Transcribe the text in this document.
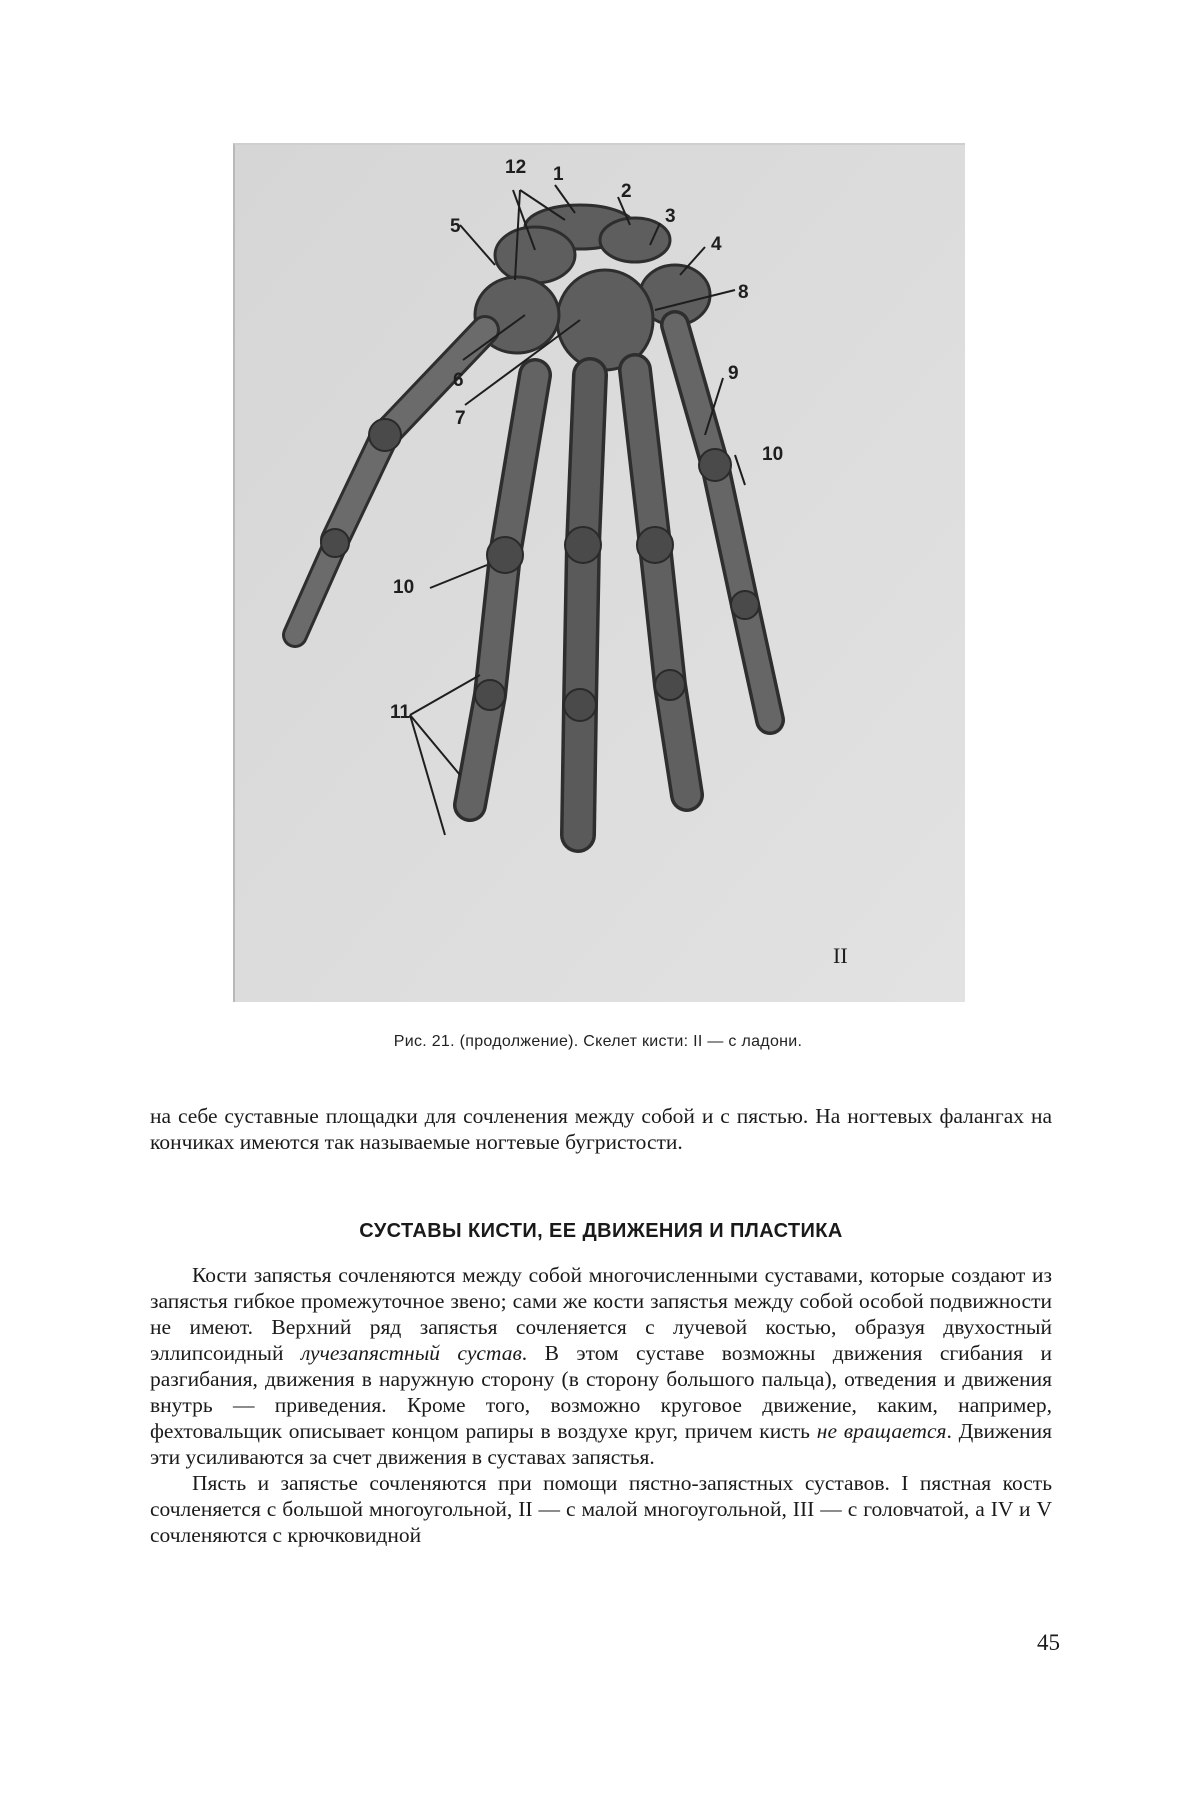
12 1
2
3
4
5
8
6	9
7
10
10
11
II
Рис. 21. (продолжение). Скелет кисти: II — с ладони.

на себе суставные площадки для сочленения между собой и с пястью. На ногтевых фалангах на кончиках имеются так называемые ногтевые бугристости.

СУСТАВЫ КИСТИ, ЕЕ ДВИЖЕНИЯ И ПЛАСТИКА

Кости запястья сочленяются между собой многочисленными суставами, которые создают из запястья гибкое промежуточное звено; сами же кости запястья между собой особой подвижности не имеют. Верхний ряд запястья сочленяется с лучевой костью, образуя двухостный эллипсоидный лучезапястный сустав. В этом суставе возможны движения сгибания и разгибания, движения в наружную сторону (в сторону большого пальца), отведения и движения внутрь — приведения. Кроме того, возможно круговое движение, каким, например, фехтовальщик описывает концом рапиры в воздухе круг, причем кисть не вращается. Движения эти усиливаются за счет движения в суставах запястья.

Пясть и запястье сочленяются при помощи пястно-запястных суставов. I пястная кость сочленяется с большой многоугольной, II — с малой многоугольной, III — с головчатой, а IV и V сочленяются с крючковидной

45
